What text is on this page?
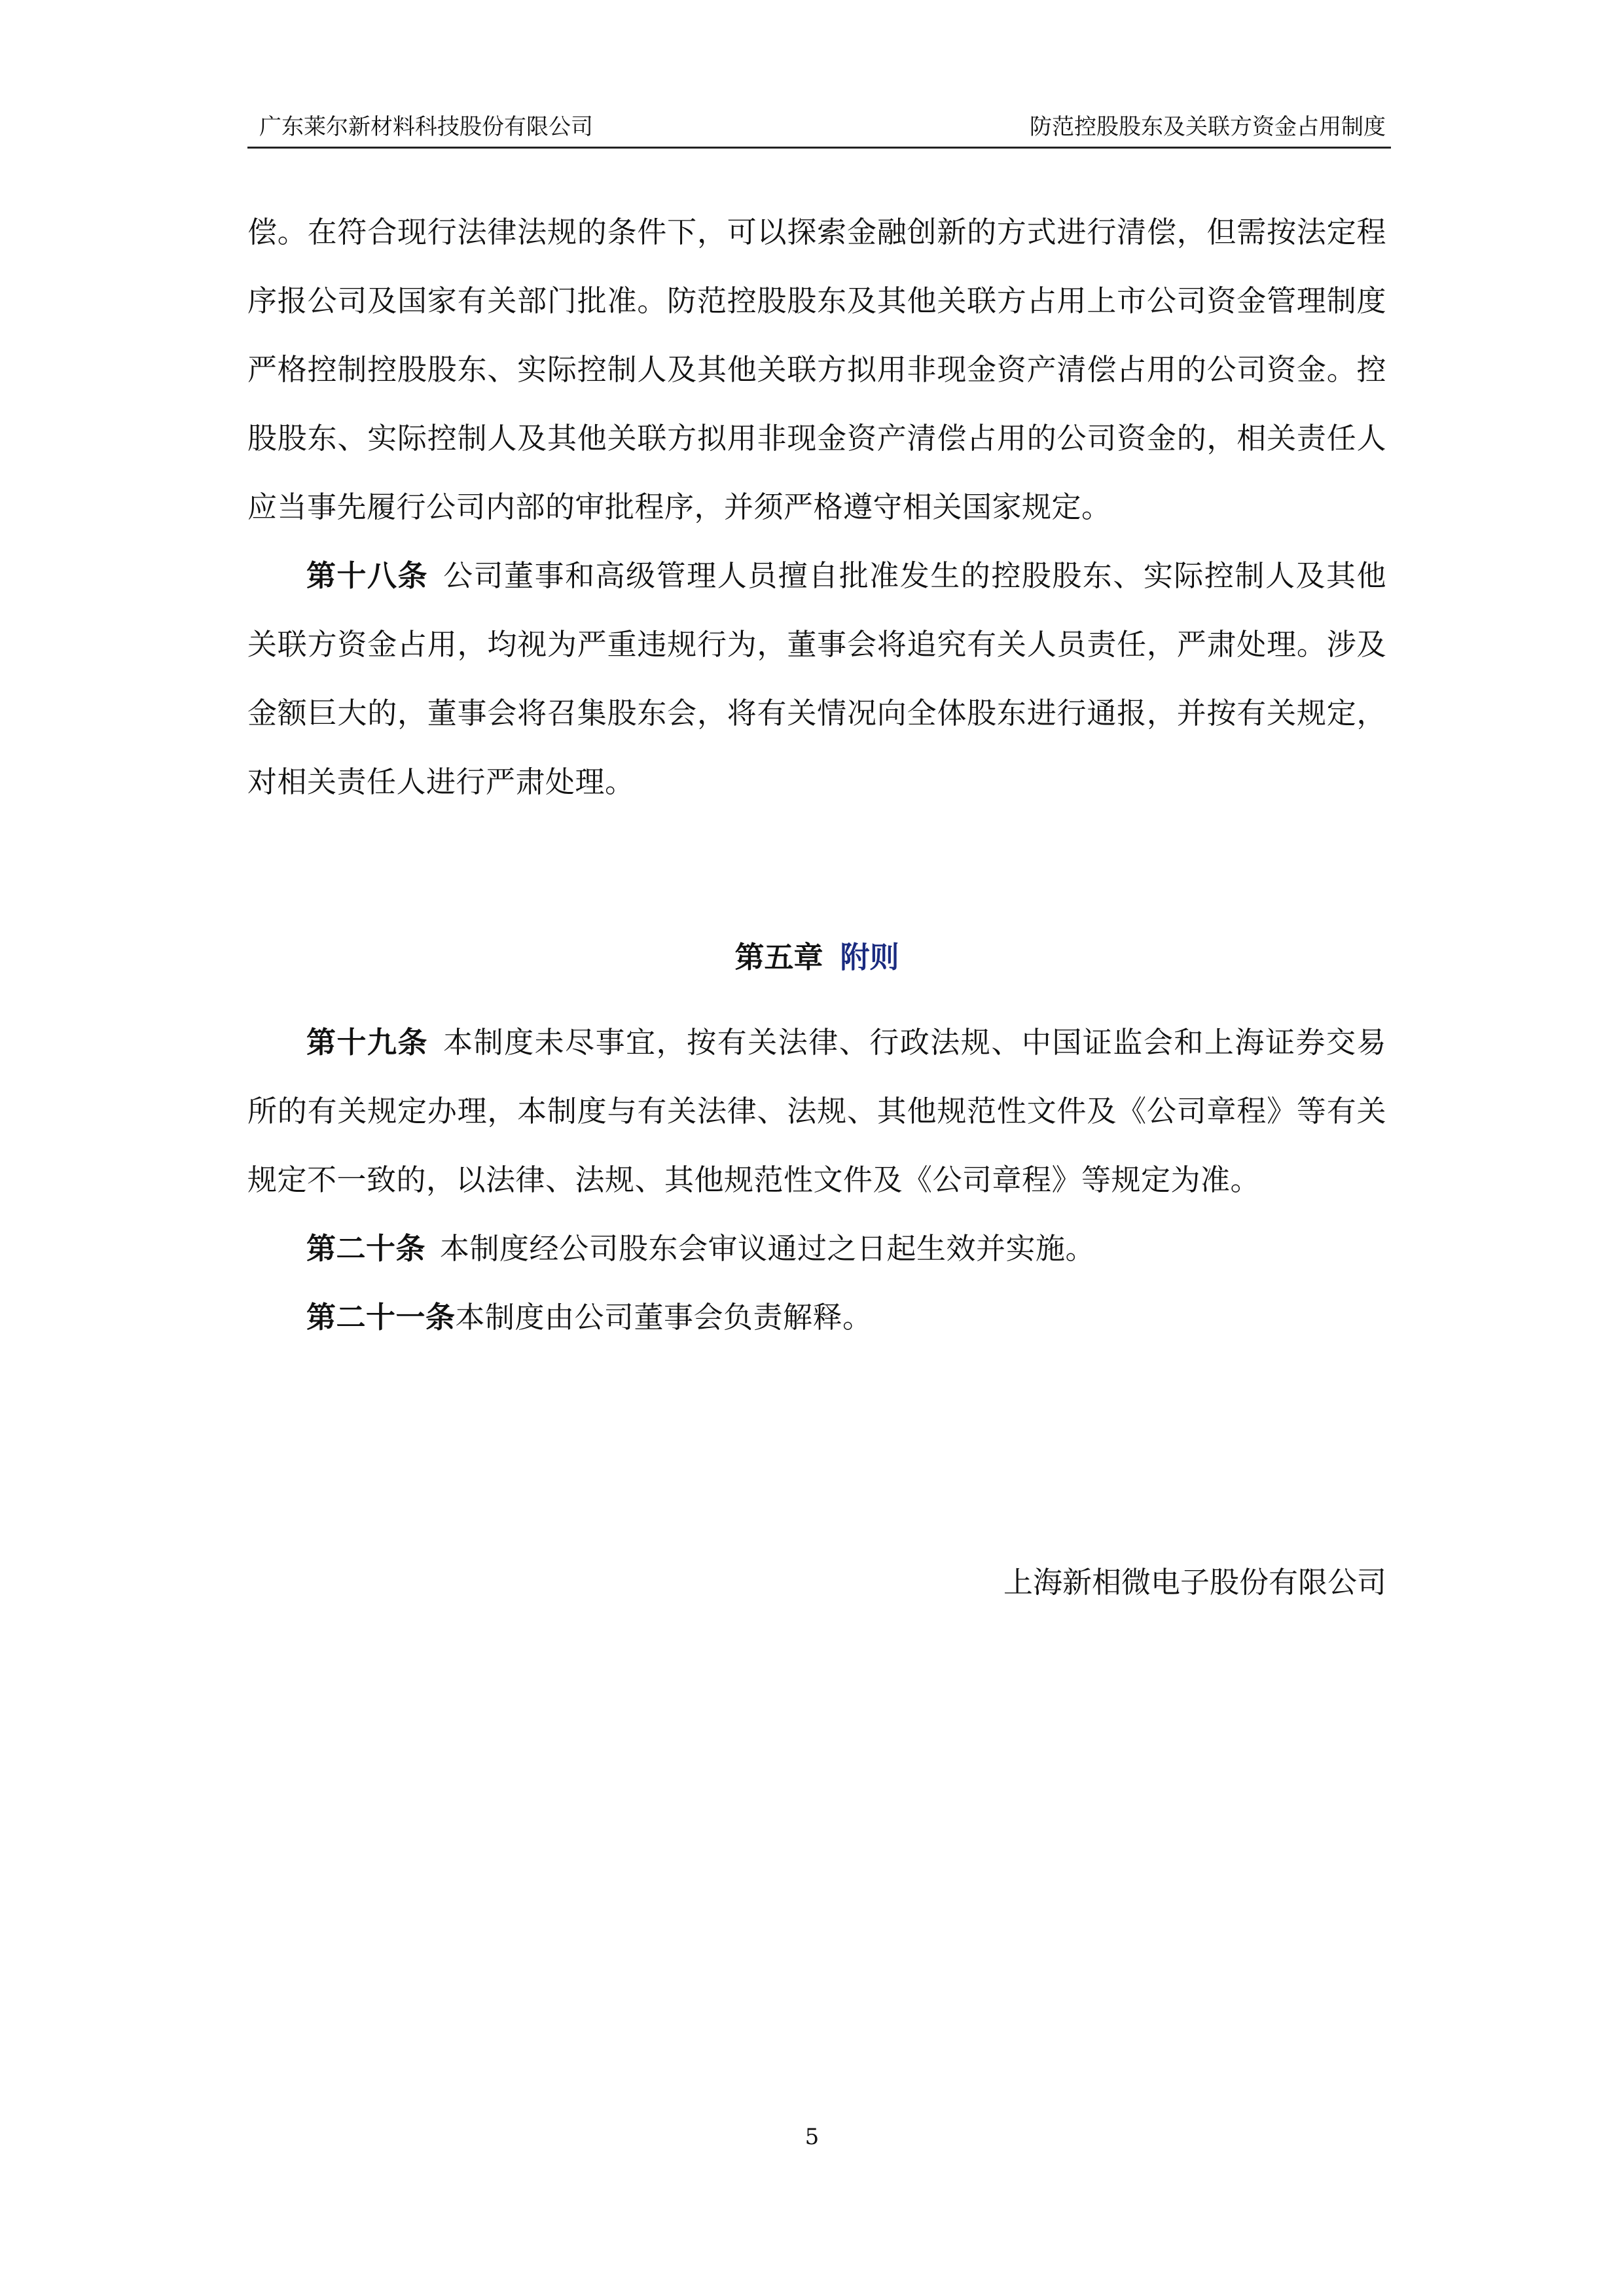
广东莱尔新材料科技股份有限公司	防范控股股东及关联方资金占用制度

偿。在符合现行法律法规的条件下，可以探索金融创新的方式进行清偿，但需按法定程序报公司及国家有关部门批准。防范控股股东及其他关联方占用上市公司资金管理制度严格控制控股股东、实际控制人及其他关联方拟用非现金资产清偿占用的公司资金。控股股东、实际控制人及其他关联方拟用非现金资产清偿占用的公司资金的，相关责任人应当事先履行公司内部的审批程序，并须严格遵守相关国家规定。

第十八条 公司董事和高级管理人员擅自批准发生的控股股东、实际控制人及其他关联方资金占用，均视为严重违规行为，董事会将追究有关人员责任，严肃处理。涉及金额巨大的，董事会将召集股东会，将有关情况向全体股东进行通报，并按有关规定，对相关责任人进行严肃处理。

第五章 附则

第十九条 本制度未尽事宜，按有关法律、行政法规、中国证监会和上海证券交易所的有关规定办理，本制度与有关法律、法规、其他规范性文件及《公司章程》等有关规定不一致的，以法律、法规、其他规范性文件及《公司章程》等规定为准。

第二十条 本制度经公司股东会审议通过之日起生效并实施。

第二十一条本制度由公司董事会负责解释。

上海新相微电子股份有限公司
5
